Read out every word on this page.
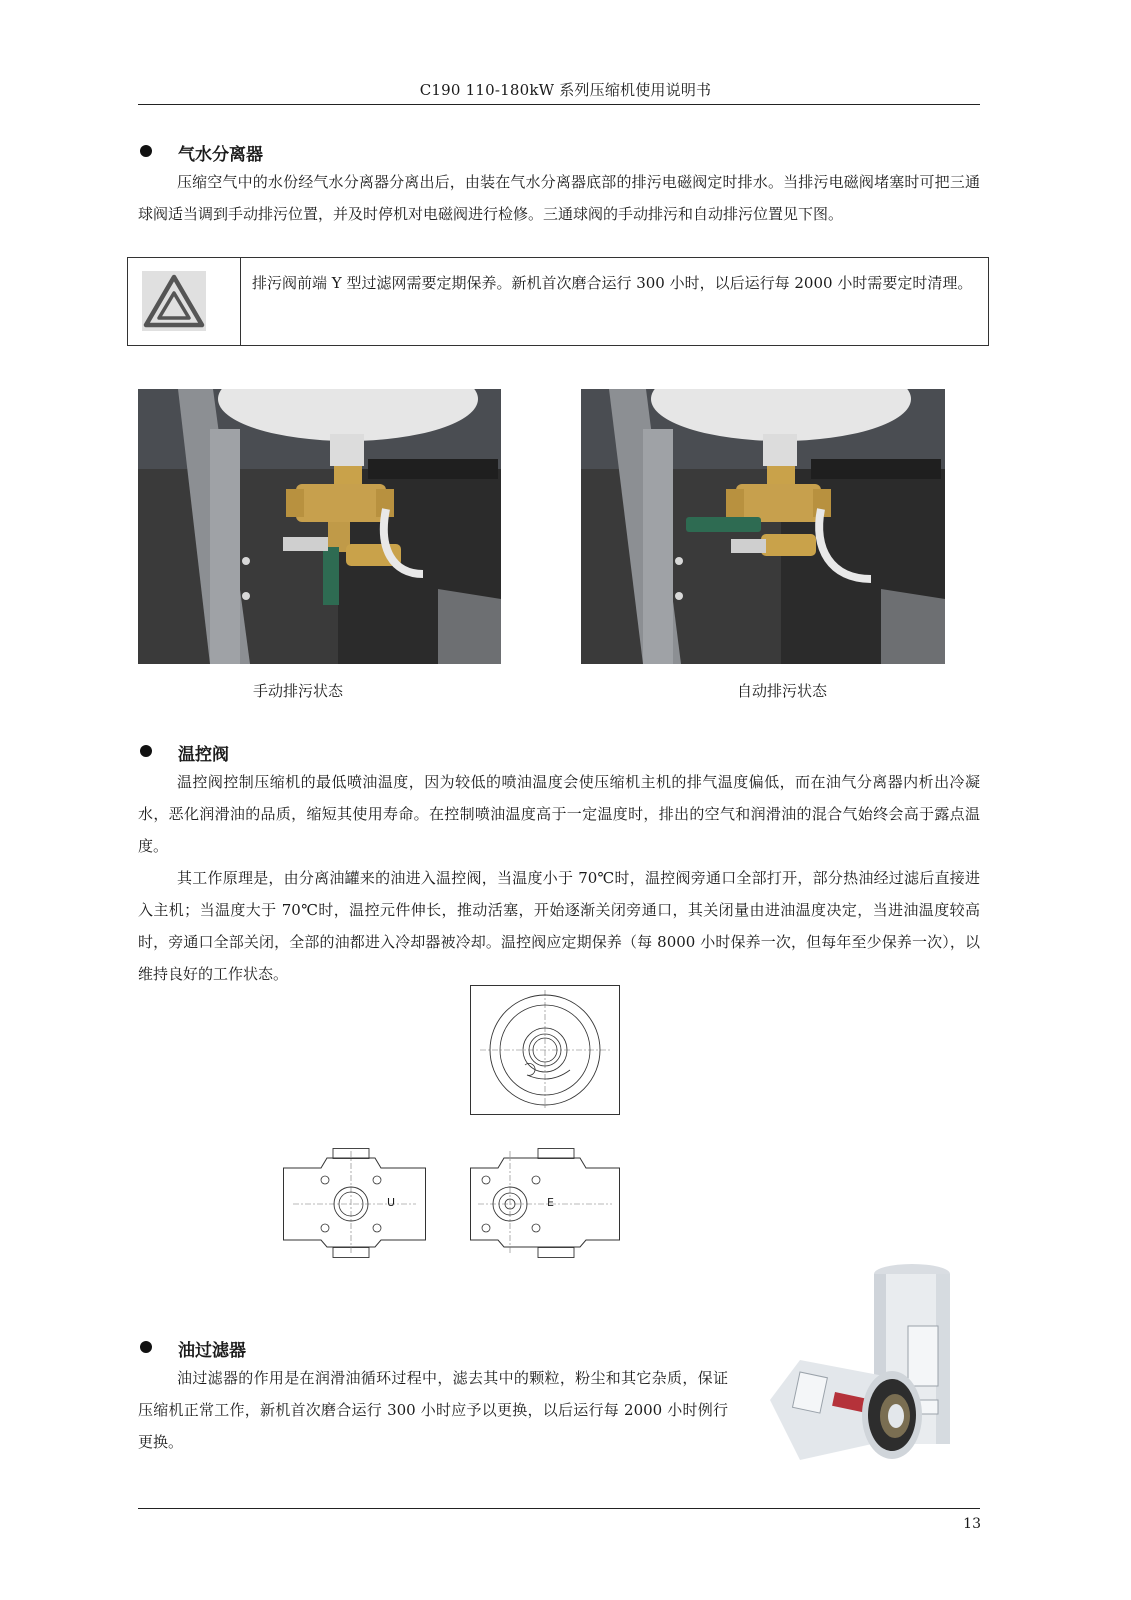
C190 110-180kW 系列压缩机使用说明书
气水分离器

压缩空气中的水份经气水分离器分离出后，由装在气水分离器底部的排污电磁阀定时排水。当排污电磁阀堵塞时可把三通球阀适当调到手动排污位置，并及时停机对电磁阀进行检修。三通球阀的手动排污和自动排污位置见下图。

排污阀前端 Y 型过滤网需要定期保养。新机首次磨合运行 300 小时，以后运行每 2000 小时需要定时清理。
手动排污状态	自动排污状态
温控阀

温控阀控制压缩机的最低喷油温度，因为较低的喷油温度会使压缩机主机的排气温度偏低，而在油气分离器内析出冷凝水，恶化润滑油的品质，缩短其使用寿命。在控制喷油温度高于一定温度时，排出的空气和润滑油的混合气始终会高于露点温度。

其工作原理是，由分离油罐来的油进入温控阀，当温度小于 70℃时，温控阀旁通口全部打开，部分热油经过滤后直接进入主机；当温度大于 70℃时，温控元件伸长，推动活塞，开始逐渐关闭旁通口，其关闭量由进油温度决定，当进油温度较高时，旁通口全部关闭，全部的油都进入冷却器被冷却。温控阀应定期保养（每 8000 小时保养一次，但每年至少保养一次），以维持良好的工作状态。

U	E
油过滤器

油过滤器的作用是在润滑油循环过程中，滤去其中的颗粒，粉尘和其它杂质，保证压缩机正常工作，新机首次磨合运行 300 小时应予以更换，以后运行每 2000 小时例行更换。

13
